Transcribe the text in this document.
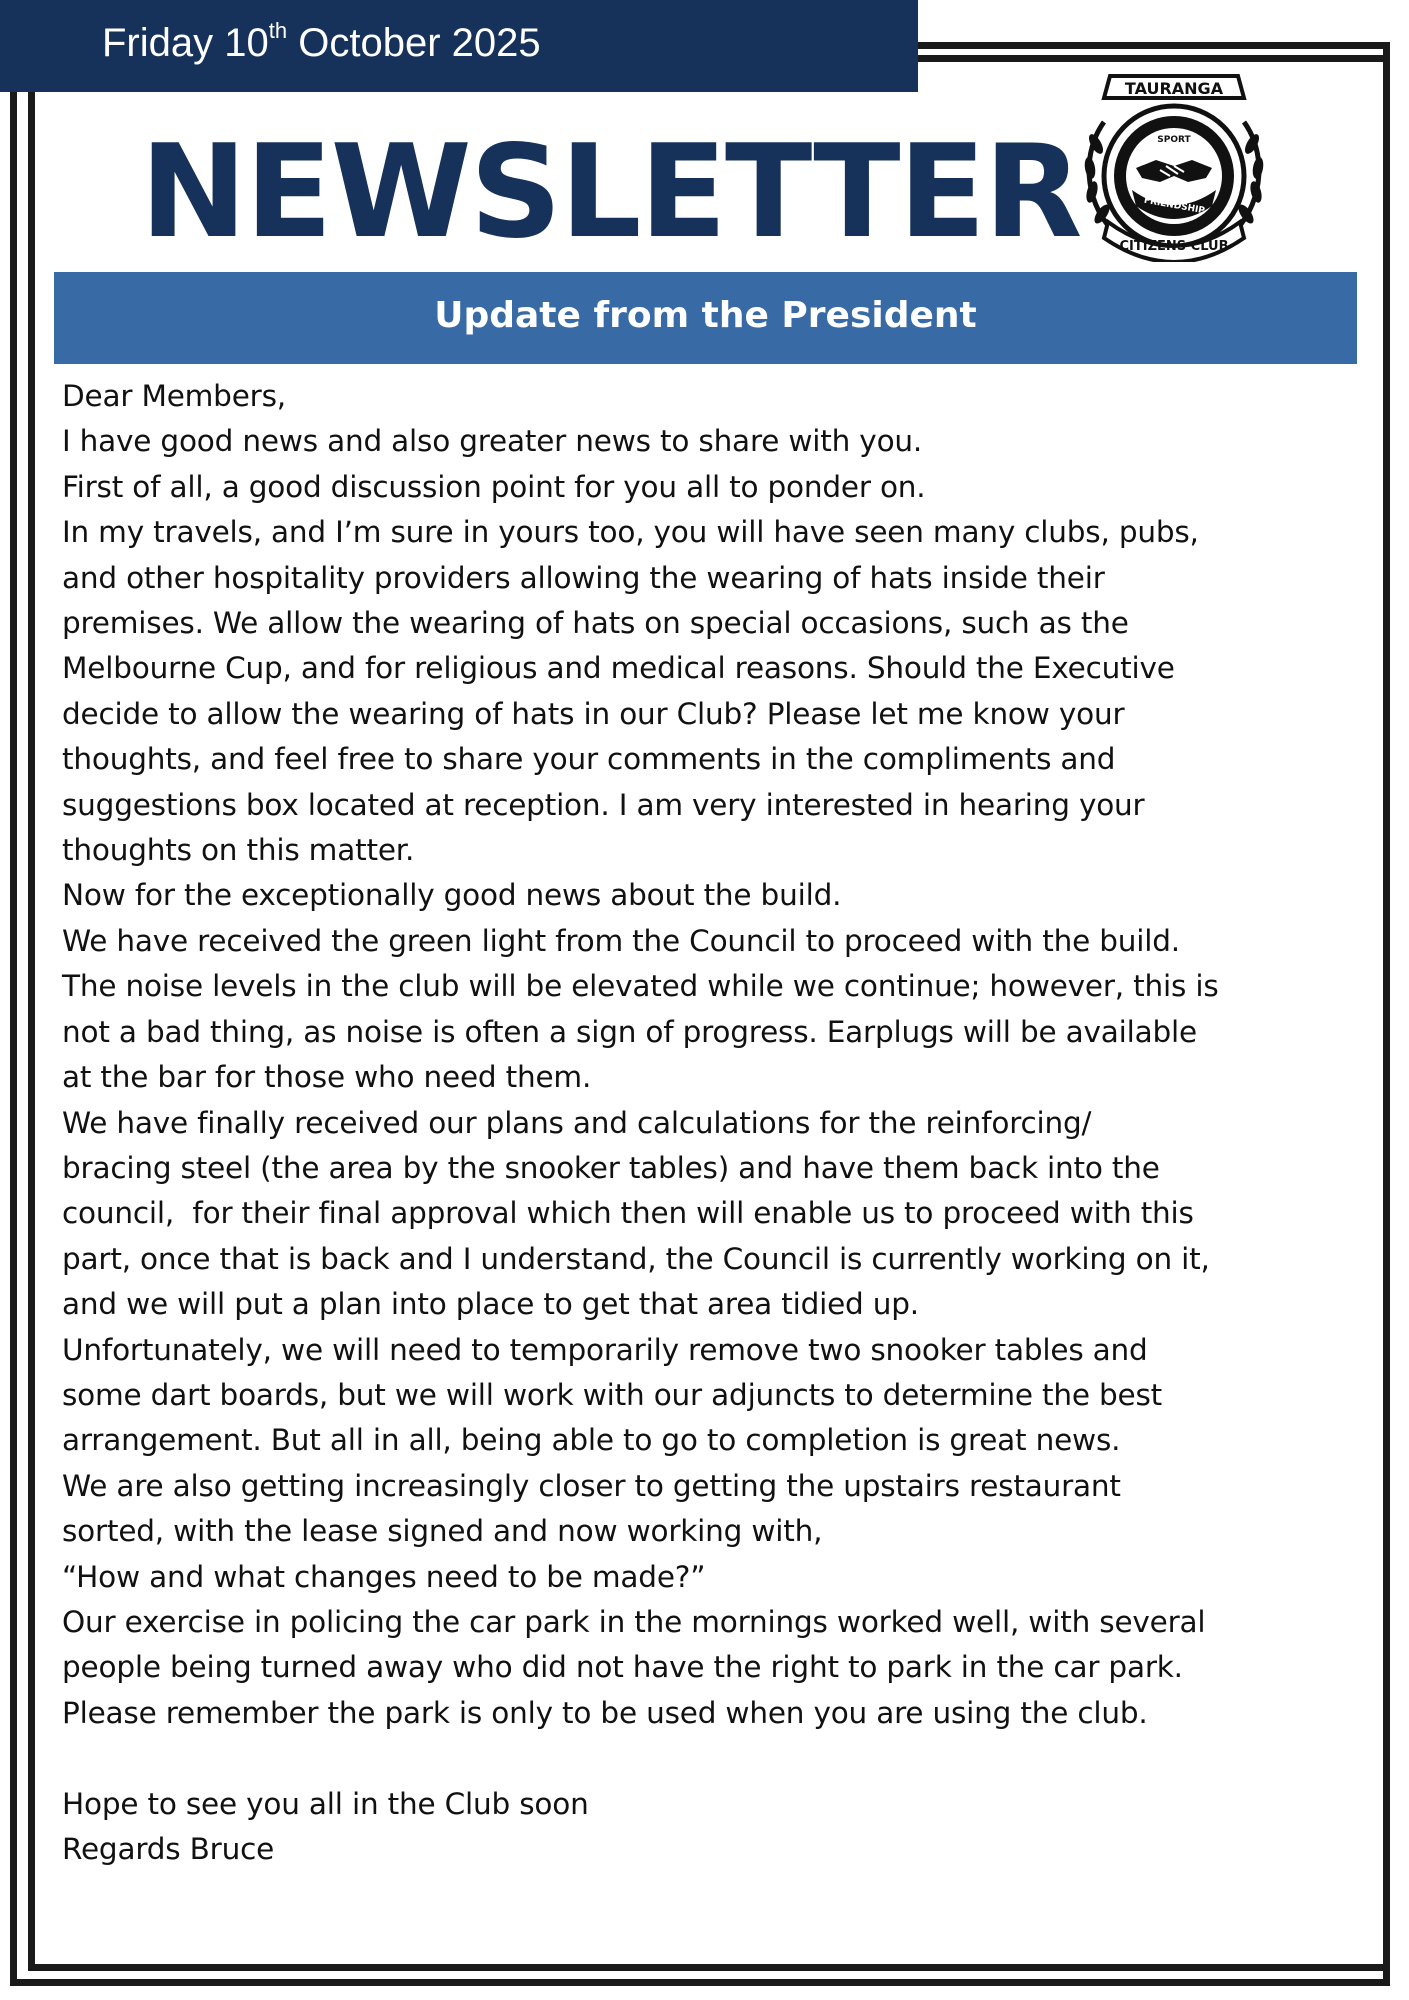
Friday 10th October 2025
NEWSLETTER
TAURANGA
SPORT
FRIENDSHIP
CITIZENS CLUB
Update from the President

Dear Members,

I have good news and also greater news to share with you.

First of all, a good discussion point for you all to ponder on.

In my travels, and I’m sure in yours too, you will have seen many clubs, pubs,

and other hospitality providers allowing the wearing of hats inside their

premises. We allow the wearing of hats on special occasions, such as the

Melbourne Cup, and for religious and medical reasons. Should the Executive

decide to allow the wearing of hats in our Club? Please let me know your

thoughts, and feel free to share your comments in the compliments and

suggestions box located at reception. I am very interested in hearing your

thoughts on this matter.

Now for the exceptionally good news about the build.

We have received the green light from the Council to proceed with the build.

The noise levels in the club will be elevated while we continue; however, this is

not a bad thing, as noise is often a sign of progress. Earplugs will be available

at the bar for those who need them.

We have finally received our plans and calculations for the reinforcing/

bracing steel (the area by the snooker tables) and have them back into the

council,  for their final approval which then will enable us to proceed with this

part, once that is back and I understand, the Council is currently working on it,

and we will put a plan into place to get that area tidied up.

Unfortunately, we will need to temporarily remove two snooker tables and

some dart boards, but we will work with our adjuncts to determine the best

arrangement. But all in all, being able to go to completion is great news.

We are also getting increasingly closer to getting the upstairs restaurant

sorted, with the lease signed and now working with,

“How and what changes need to be made?”

Our exercise in policing the car park in the mornings worked well, with several

people being turned away who did not have the right to park in the car park.

Please remember the park is only to be used when you are using the club.

Hope to see you all in the Club soon

Regards Bruce
